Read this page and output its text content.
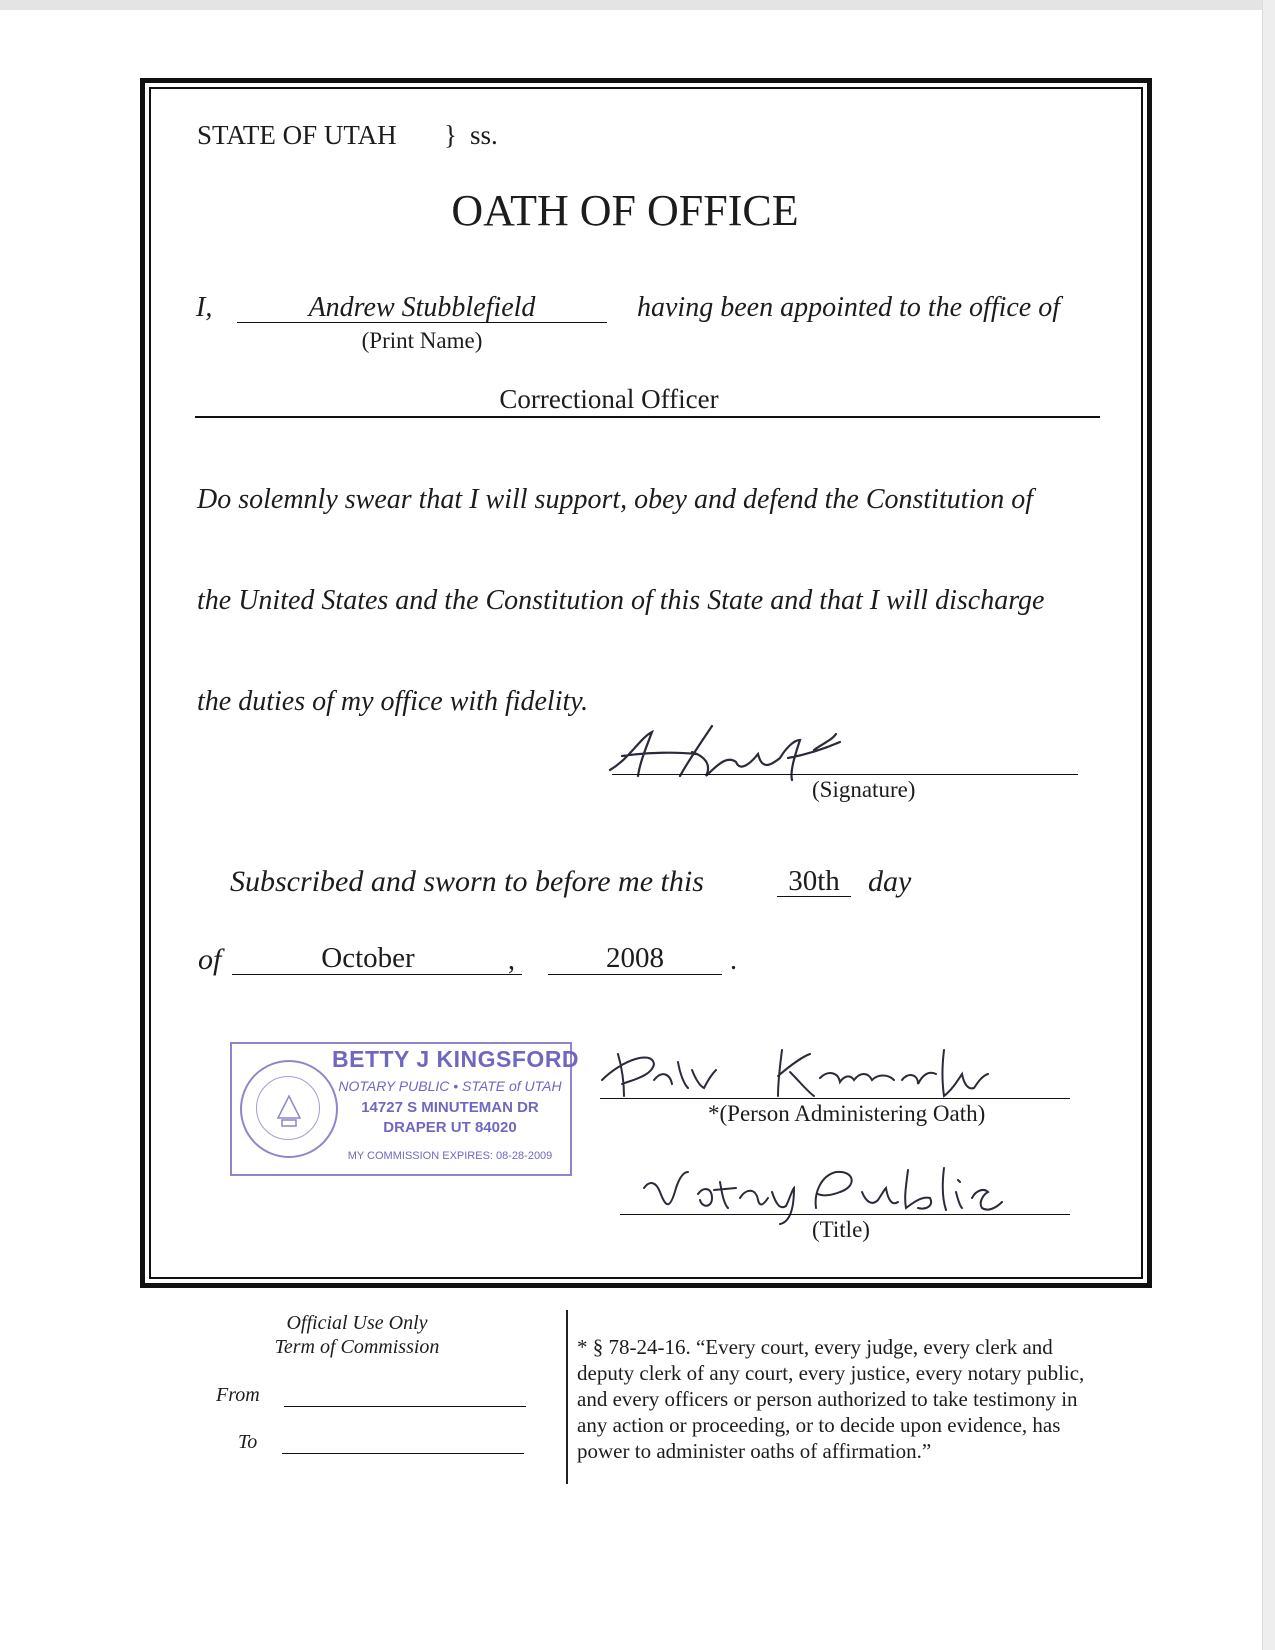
STATE OF UTAH } ss.
OATH OF OFFICE
I,	Andrew Stubblefield
(Print Name)
having been appointed to the office of
Correctional Officer
Do solemnly swear that I will support, obey and defend the Constitution of
the United States and the Constitution of this State and that I will discharge
the duties of my office with fidelity.
(Signature)
Subscribed and sworn to before me this	30th day
of	October	,	2008	.
BETTY J KINGSFORD
NOTARY PUBLIC • STATE of UTAH
14727 S MINUTEMAN DR
DRAPER UT 84020
MY COMMISSION EXPIRES: 08-28-2009
*(Person Administering Oath)
(Title)
Official Use Only
Term of Commission
From
To
* § 78-24-16. “Every court, every judge, every clerk and
deputy clerk of any court, every justice, every notary public,
and every officers or person authorized to take testimony in
any action or proceeding, or to decide upon evidence, has
power to administer oaths of affirmation.”
